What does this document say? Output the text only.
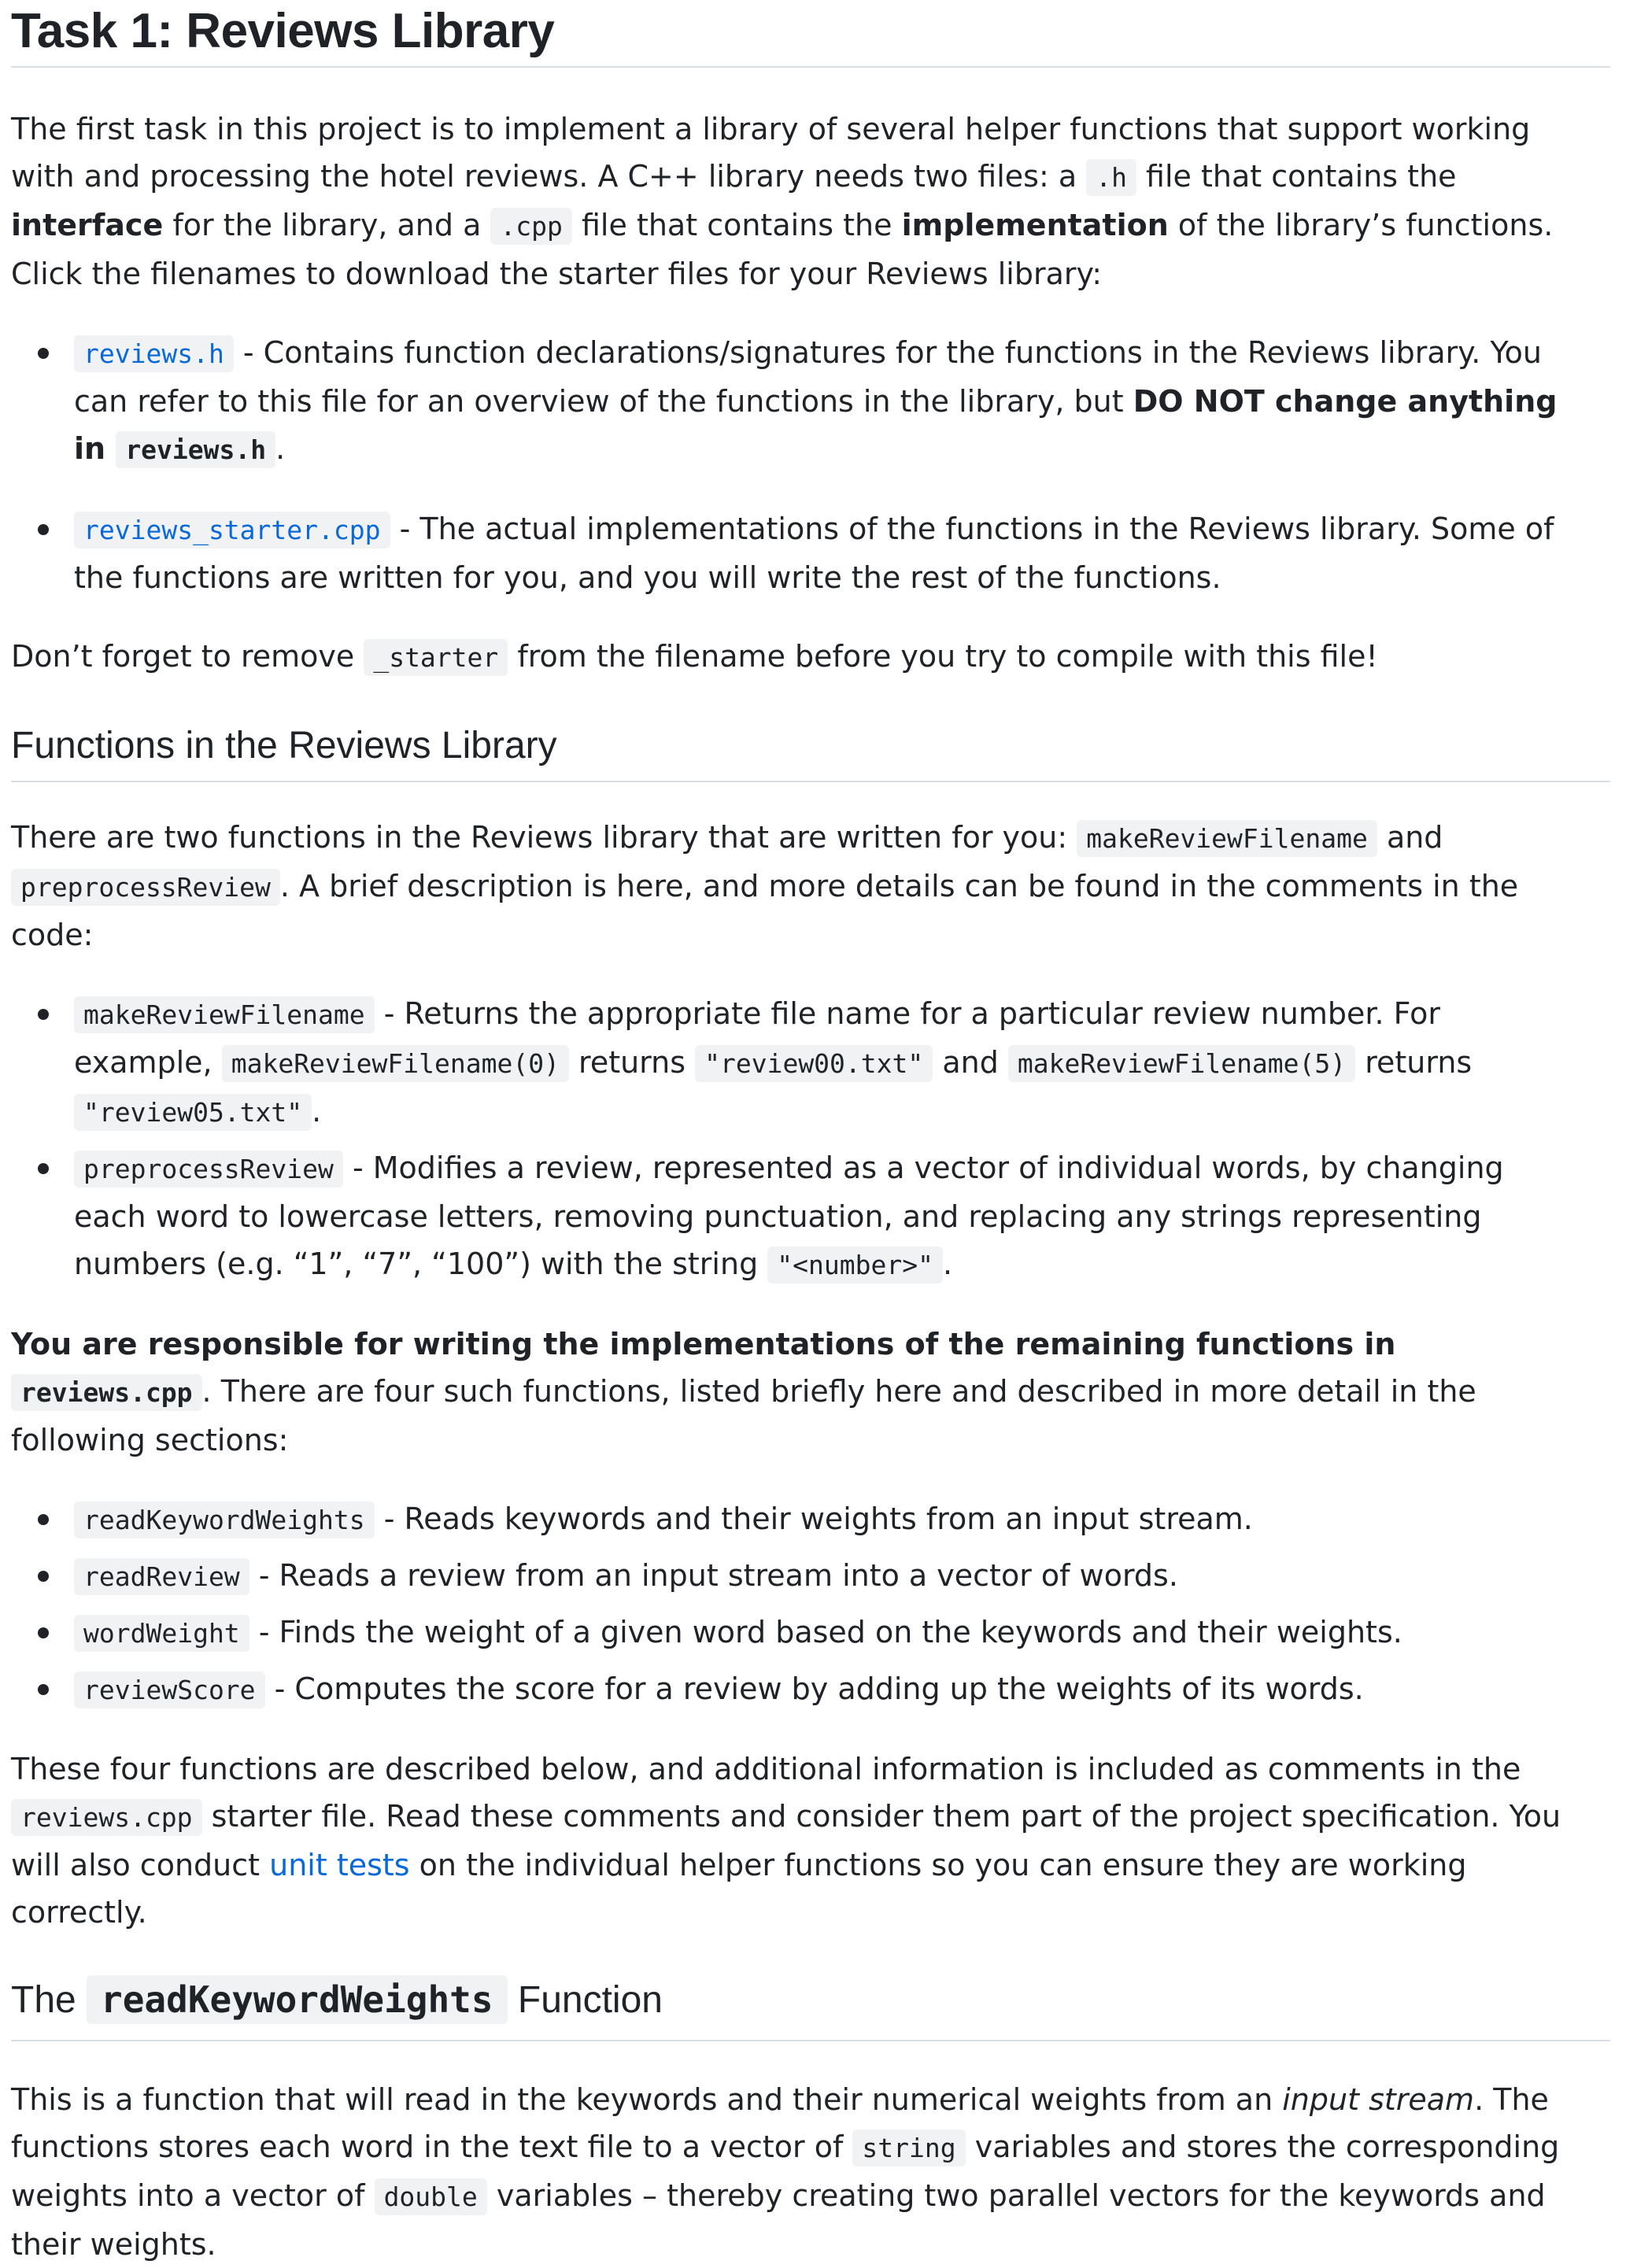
Task 1: Reviews Library

The first task in this project is to implement a library of several helper functions that support working with and processing the hotel reviews. A C++ library needs two files: a .h file that contains the interface for the library, and a .cpp file that contains the implementation of the library’s functions. Click the filenames to download the starter files for your Reviews library:

reviews.h - Contains function declarations/signatures for the functions in the Reviews library. You can refer to this file for an overview of the functions in the library, but DO NOT change anything in reviews.h .
reviews_starter.cpp - The actual implementations of the functions in the Reviews library. Some of the functions are written for you, and you will write the rest of the functions.

Don’t forget to remove _starter from the filename before you try to compile with this file!

Functions in the Reviews Library

There are two functions in the Reviews library that are written for you: makeReviewFilename and preprocessReview . A brief description is here, and more details can be found in the comments in the code:

makeReviewFilename - Returns the appropriate file name for a particular review number. For example, makeReviewFilename(0) returns "review00.txt" and makeReviewFilename(5) returns "review05.txt" .
preprocessReview - Modifies a review, represented as a vector of individual words, by changing each word to lowercase letters, removing punctuation, and replacing any strings representing numbers (e.g. “1”, “7”, “100”) with the string "<number>" .

You are responsible for writing the implementations of the remaining functions in reviews.cpp . There are four such functions, listed briefly here and described in more detail in the following sections:

readKeywordWeights - Reads keywords and their weights from an input stream.
readReview - Reads a review from an input stream into a vector of words.
wordWeight - Finds the weight of a given word based on the keywords and their weights.
reviewScore - Computes the score for a review by adding up the weights of its words.

These four functions are described below, and additional information is included as comments in the reviews.cpp starter file. Read these comments and consider them part of the project specification. You will also conduct unit tests on the individual helper functions so you can ensure they are working correctly.

The readKeywordWeights Function

This is a function that will read in the keywords and their numerical weights from an input stream. The functions stores each word in the text file to a vector of string variables and stores the corresponding weights into a vector of double variables – thereby creating two parallel vectors for the keywords and their weights.
